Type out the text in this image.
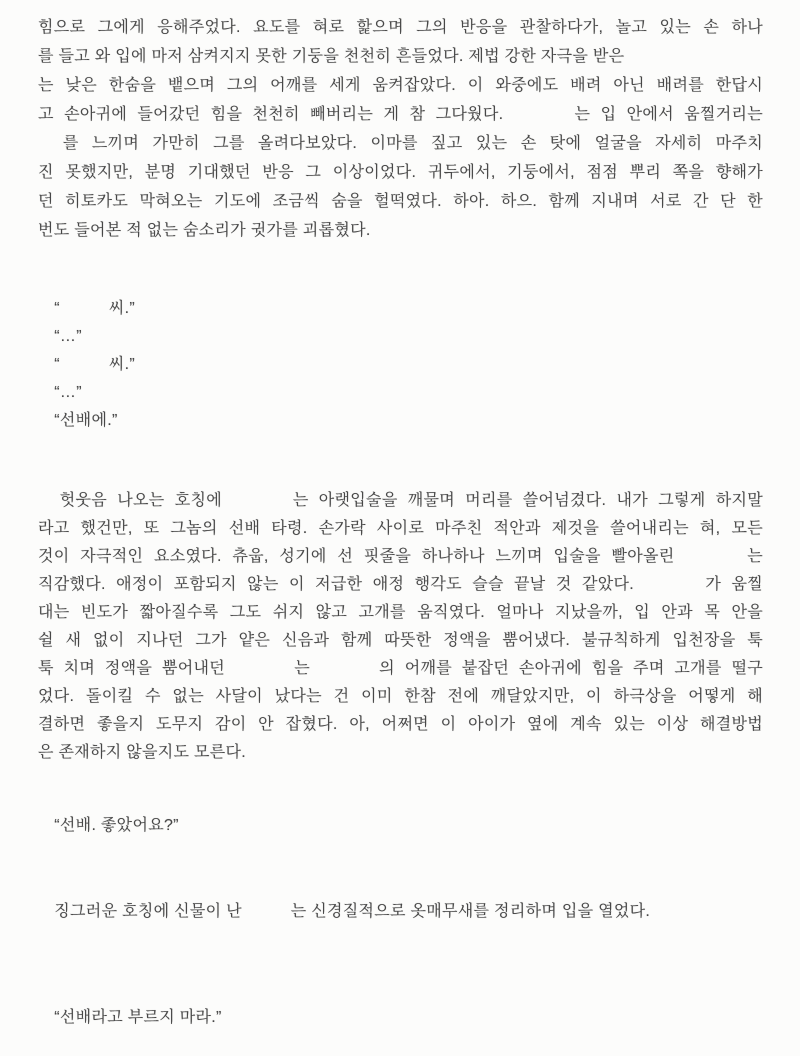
힘으로 그에게 응해주었다. 요도를 혀로 핥으며 그의 반응을 관찰하다가, 놀고 있는 손 하나
를 들고 와 입에 마저 삼켜지지 못한 기둥을 천천히 흔들었다. 제법 강한 자극을 받은
는 낮은 한숨을 뱉으며 그의 어깨를 세게 움켜잡았다. 이 와중에도 배려 아닌 배려를 한답시
고 손아귀에 들어갔던 힘을 천천히 빼버리는 게 참 그다웠다.　　　는 입 안에서 움찔거리는
　를 느끼며 가만히 그를 올려다보았다. 이마를 짚고 있는 손 탓에 얼굴을 자세히 마주치
진 못했지만, 분명 기대했던 반응 그 이상이었다. 귀두에서, 기둥에서, 점점 뿌리 쪽을 향해가
던 히토카도 막혀오는 기도에 조금씩 숨을 헐떡였다. 하아. 하으. 함께 지내며 서로 간 단 한
번도 들어본 적 없는 숨소리가 귓가를 괴롭혔다.
　“　　　씨.”
　“…”
　“　　　씨.”
　“…”
　“선배에.”
　헛웃음 나오는 호칭에　　　는 아랫입술을 깨물며 머리를 쓸어넘겼다. 내가 그렇게 하지말
라고 했건만, 또 그놈의 선배 타령. 손가락 사이로 마주친 적안과 제것을 쓸어내리는 혀, 모든
것이 자극적인 요소였다. 츄웁, 성기에 선 핏줄을 하나하나 느끼며 입술을 빨아올린　　　는
직감했다. 애정이 포함되지 않는 이 저급한 애정 행각도 슬슬 끝날 것 같았다.　　　가 움찔
대는 빈도가 짧아질수록 그도 쉬지 않고 고개를 움직였다. 얼마나 지났을까, 입 안과 목 안을
쉴 새 없이 지나던 그가 얕은 신음과 함께 따뜻한 정액을 뿜어냈다. 불규칙하게 입천장을 툭
툭 치며 정액을 뿜어내던　　　는　　　의 어깨를 붙잡던 손아귀에 힘을 주며 고개를 떨구
었다. 돌이킬 수 없는 사달이 났다는 건 이미 한참 전에 깨달았지만, 이 하극상을 어떻게 해
결하면 좋을지 도무지 감이 안 잡혔다. 아, 어쩌면 이 아이가 옆에 계속 있는 이상 해결방법
은 존재하지 않을지도 모른다.
　“선배. 좋았어요?”
　징그러운 호칭에 신물이 난　　　는 신경질적으로 옷매무새를 정리하며 입을 열었다.
　“선배라고 부르지 마라.”
